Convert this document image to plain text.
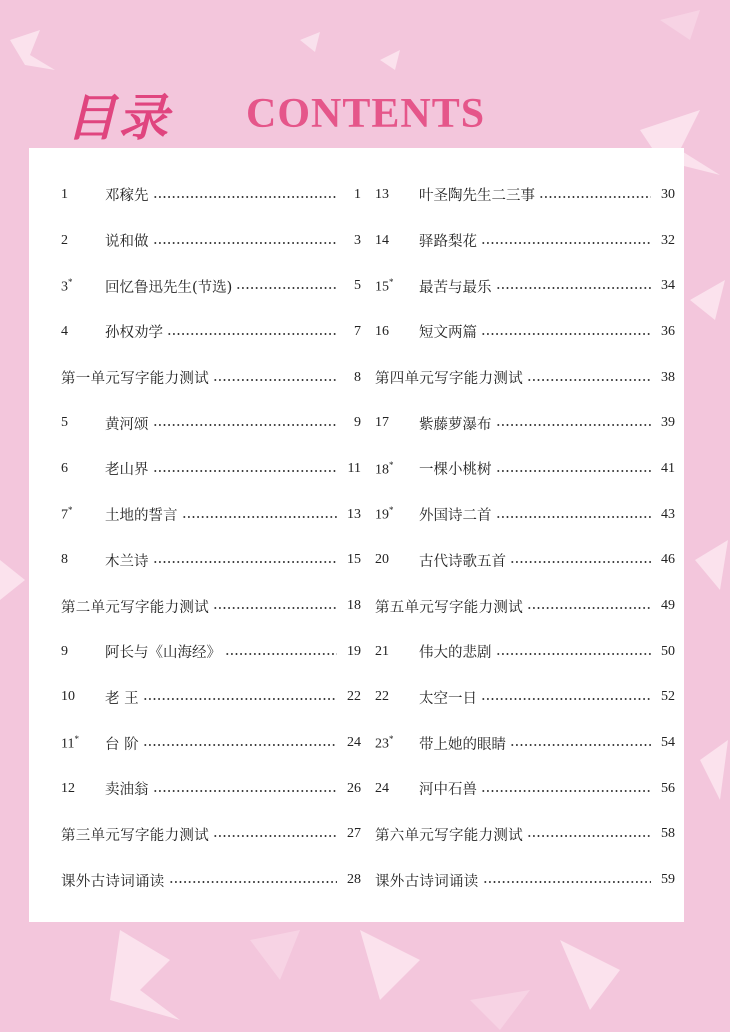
目录 CONTENTS
1	邓稼先	1
2	说和做	3
3*	回忆鲁迅先生(节选)	5
4	孙权劝学	7
第一单元写字能力测试	8
5	黄河颂	9
6	老山界	11
7*	土地的誓言	13
8	木兰诗	15
第二单元写字能力测试	18
9	阿长与《山海经》	19
10	老 王	22
11*	台 阶	24
12	卖油翁	26
第三单元写字能力测试	27
课外古诗词诵读	28
13	叶圣陶先生二三事	30
14	驿路梨花	32
15*	最苦与最乐	34
16	短文两篇	36
第四单元写字能力测试	38
17	紫藤萝瀑布	39
18*	一棵小桃树	41
19*	外国诗二首	43
20	古代诗歌五首	46
第五单元写字能力测试	49
21	伟大的悲剧	50
22	太空一日	52
23*	带上她的眼睛	54
24	河中石兽	56
第六单元写字能力测试	58
课外古诗词诵读	59
